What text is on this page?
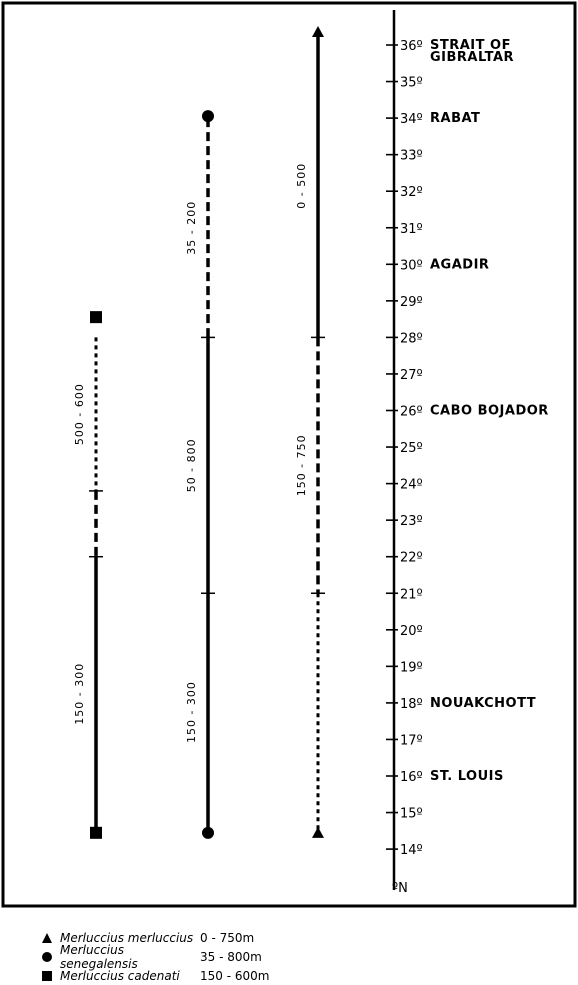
36º
35º
34º
33º
32º
31º
30º
29º
28º
27º
26º
25º
24º
23º
22º
21º
20º
19º
18º
17º
16º
15º
14º
ºN
STRAIT OF
GIBRALTAR
RABAT
AGADIR
CABO BOJADOR
NOUAKCHOTT
ST. LOUIS
0 - 500
150 - 750
35 - 200
50 - 800
150 - 300
500 - 600
150 - 300
Merluccius merluccius 0 - 750m
Merluccius senegalensis	35 - 800m
Merluccius cadenati	150 - 600m
